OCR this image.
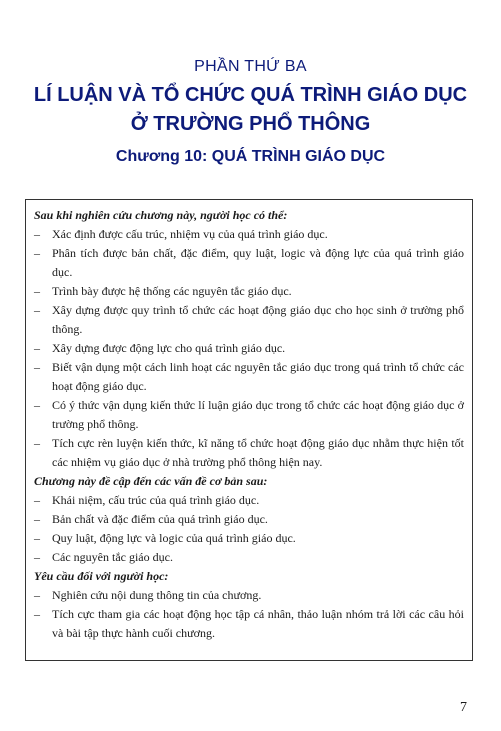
PHẦN THỨ BA
LÍ LUẬN VÀ TỔ CHỨC QUÁ TRÌNH GIÁO DỤC
Ở TRƯỜNG PHỔ THÔNG
Chương 10: QUÁ TRÌNH GIÁO DỤC
Sau khi nghiên cứu chương này, người học có thể:
– Xác định được cấu trúc, nhiệm vụ của quá trình giáo dục.
– Phân tích được bản chất, đặc điểm, quy luật, logic và động lực của quá trình giáo dục.
– Trình bày được hệ thống các nguyên tắc giáo dục.
– Xây dựng được quy trình tổ chức các hoạt động giáo dục cho học sinh ở trường phổ thông.
– Xây dựng được động lực cho quá trình giáo dục.
– Biết vận dụng một cách linh hoạt các nguyên tắc giáo dục trong quá trình tổ chức các hoạt động giáo dục.
– Có ý thức vận dụng kiến thức lí luận giáo dục trong tổ chức các hoạt động giáo dục ở trường phổ thông.
– Tích cực rèn luyện kiến thức, kĩ năng tổ chức hoạt động giáo dục nhằm thực hiện tốt các nhiệm vụ giáo dục ở nhà trường phổ thông hiện nay.
Chương này đề cập đến các vấn đề cơ bản sau:
– Khái niệm, cấu trúc của quá trình giáo dục.
– Bản chất và đặc điểm của quá trình giáo dục.
– Quy luật, động lực và logic của quá trình giáo dục.
– Các nguyên tắc giáo dục.
Yêu cầu đối với người học:
– Nghiên cứu nội dung thông tin của chương.
– Tích cực tham gia các hoạt động học tập cá nhân, thảo luận nhóm trả lời các câu hỏi và bài tập thực hành cuối chương.
7
